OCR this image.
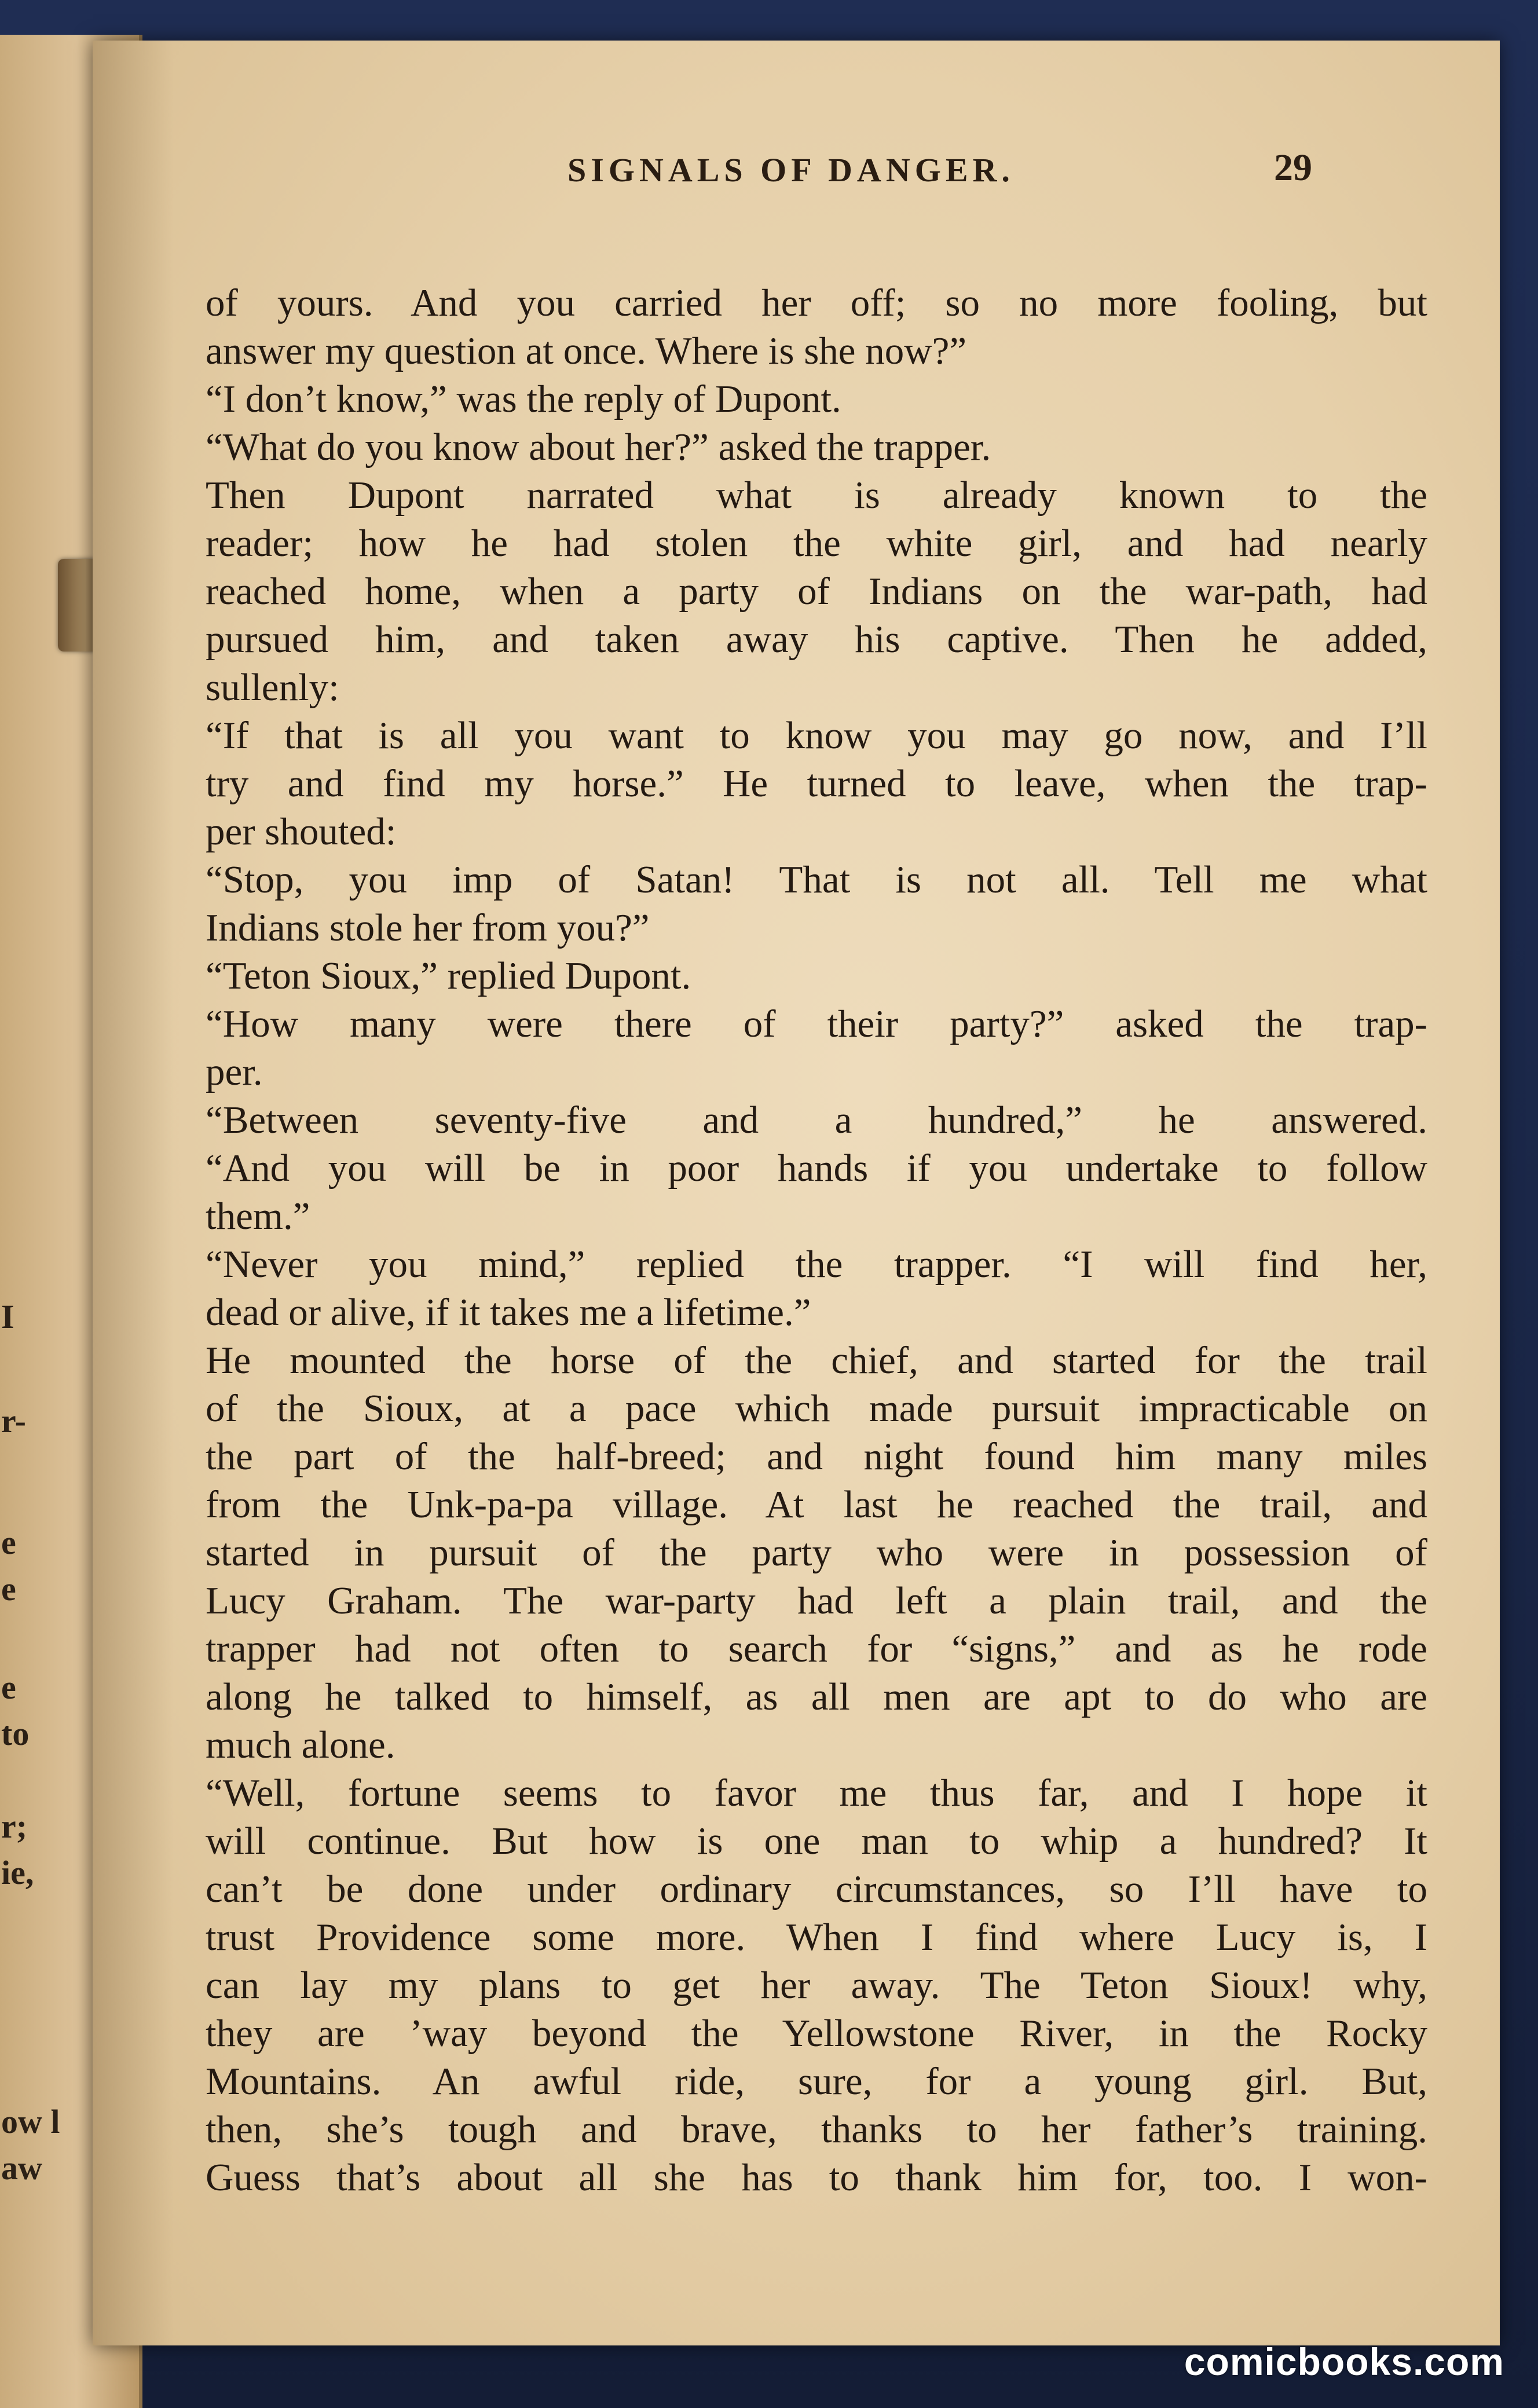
I
r-
e
e
e
to
r;
ie,
ow l
aw
SIGNALS OF DANGER.	29
of yours. And you carried her off; so no more fooling, but
answer my question at once. Where is she now?”
“I don’t know,” was the reply of Dupont.
“What do you know about her?” asked the trapper.
Then Dupont narrated what is already known to the
reader; how he had stolen the white girl, and had nearly
reached home, when a party of Indians on the war-path, had
pursued him, and taken away his captive. Then he added,
sullenly:
“If that is all you want to know you may go now, and I’ll
try and find my horse.” He turned to leave, when the trap-
per shouted:
“Stop, you imp of Satan! That is not all. Tell me what
Indians stole her from you?”
“Teton Sioux,” replied Dupont.
“How many were there of their party?” asked the trap-
per.
“Between seventy-five and a hundred,” he answered.
“And you will be in poor hands if you undertake to follow
them.”
“Never you mind,” replied the trapper. “I will find her,
dead or alive, if it takes me a lifetime.”
He mounted the horse of the chief, and started for the trail
of the Sioux, at a pace which made pursuit impracticable on
the part of the half-breed; and night found him many miles
from the Unk-pa-pa village. At last he reached the trail, and
started in pursuit of the party who were in possession of
Lucy Graham. The war-party had left a plain trail, and the
trapper had not often to search for “signs,” and as he rode
along he talked to himself, as all men are apt to do who are
much alone.
“Well, fortune seems to favor me thus far, and I hope it
will continue. But how is one man to whip a hundred? It
can’t be done under ordinary circumstances, so I’ll have to
trust Providence some more. When I find where Lucy is, I
can lay my plans to get her away. The Teton Sioux! why,
they are ’way beyond the Yellowstone River, in the Rocky
Mountains. An awful ride, sure, for a young girl. But,
then, she’s tough and brave, thanks to her father’s training.
Guess that’s about all she has to thank him for, too. I won-
comicbooks.com
